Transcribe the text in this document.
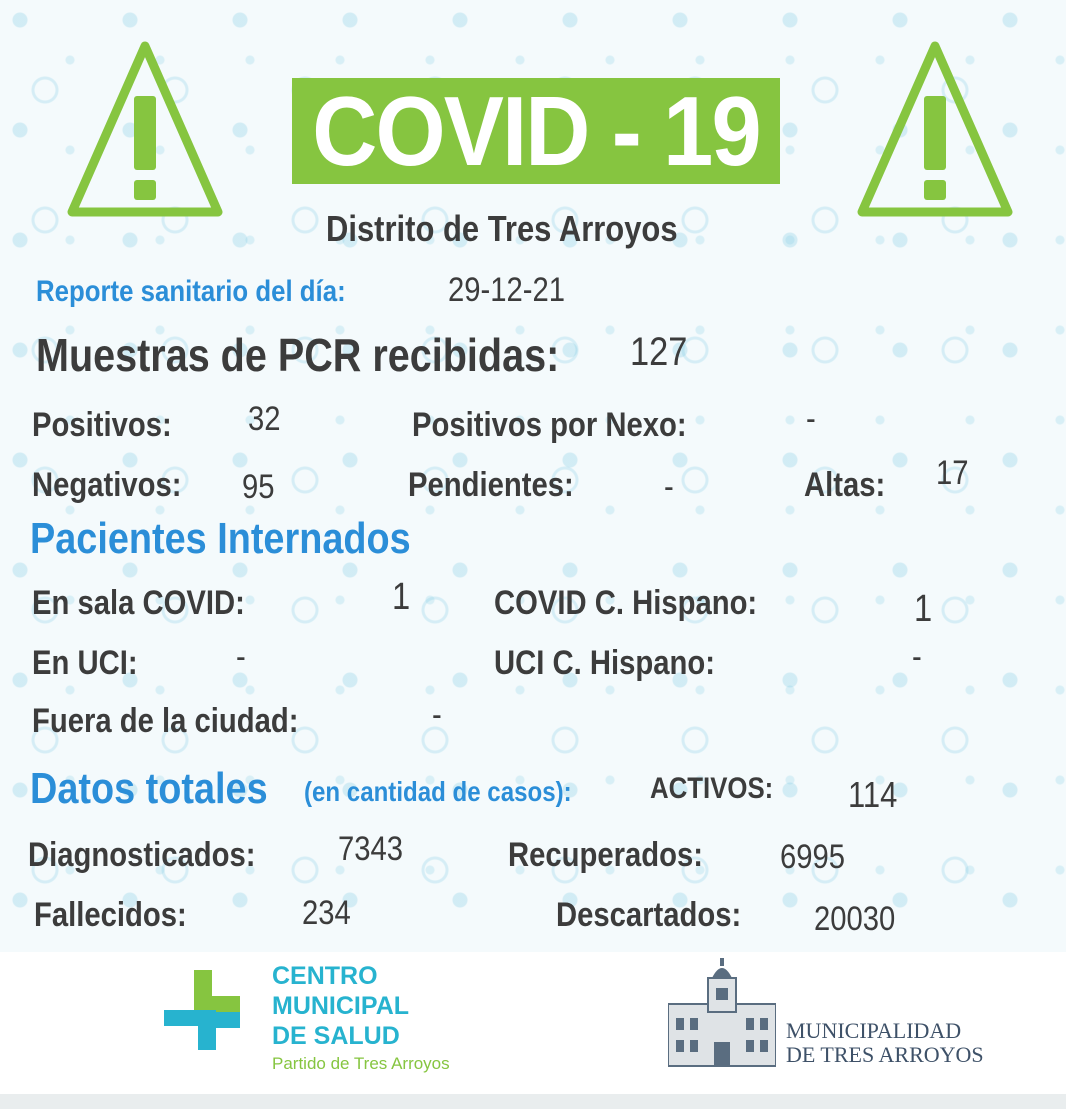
COVID - 19
Distrito de Tres Arroyos
Reporte sanitario del día:	29-12-21
Muestras de PCR recibidas: 127
Positivos: 32	Positivos por Nexo:	-
Negativos: 95	Pendientes:	-	Altas: 17
Pacientes Internados
En sala COVID:	1 COVID C. Hispano:	1
En UCI:	-	UCI C. Hispano:	-
Fuera de la ciudad:	-
Datos totales (en cantidad de casos):	ACTIVOS: 114
Diagnosticados: 7343	Recuperados: 6995
Fallecidos:	234	Descartados: 20030
CENTRO
MUNICIPAL
DE SALUD
Partido de Tres Arroyos
MUNICIPALIDAD
DE TRES ARROYOS
